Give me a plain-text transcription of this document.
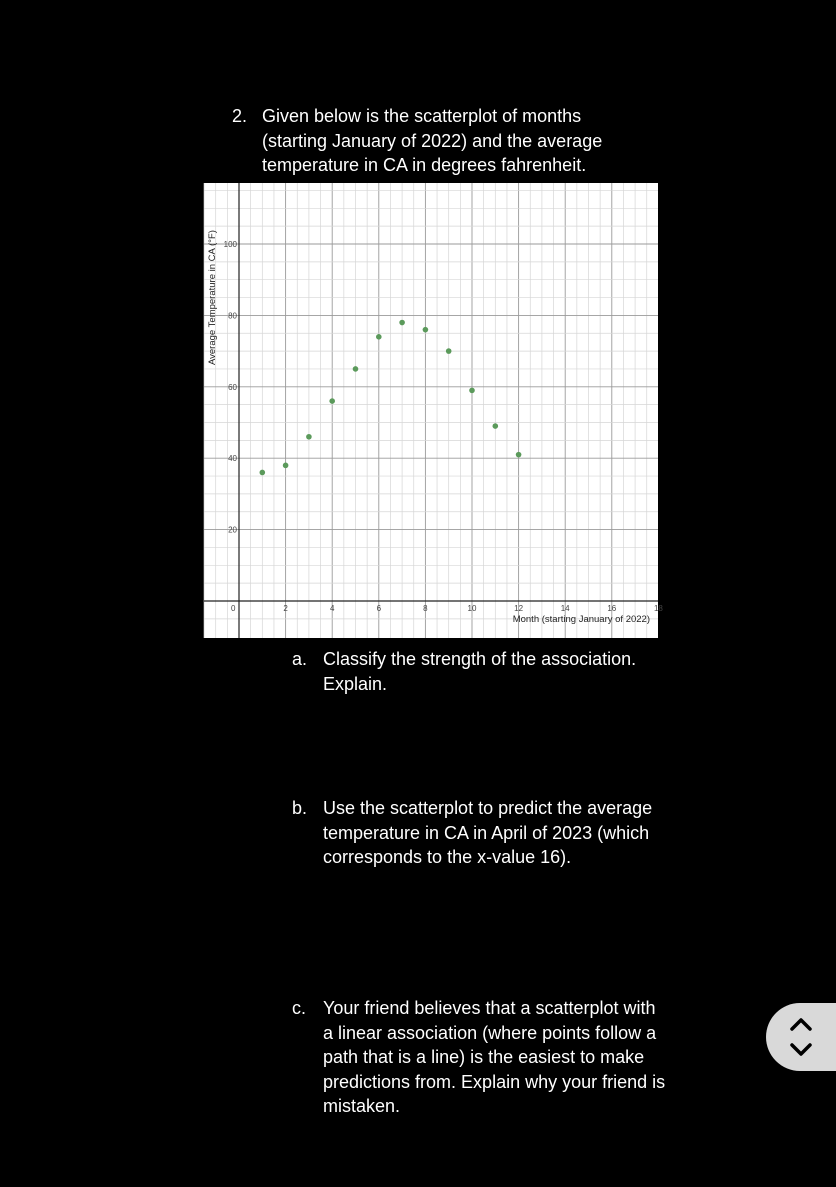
2. Given below is the scatterplot of months
(starting January of 2022) and the average
temperature in CA in degrees fahrenheit.
0	2	4	6	8	10	12	14	16	18
20
40
60
80
100
Month (starting January of 2022)
Average Temperature in CA (°F)
a. Classify the strength of the association. Explain.
b. Use the scatterplot to predict the average temperature in CA in April of 2023 (which corresponds to the x-value 16).
c. Your friend believes that a scatterplot with a linear association (where points follow a path that is a line) is the easiest to make predictions from. Explain why your friend is mistaken.
